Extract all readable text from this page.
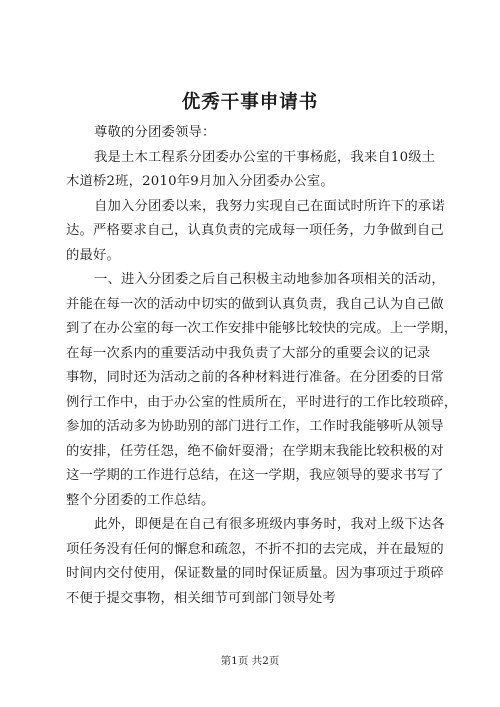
优秀干事申请书
尊敬的分团委领导：
我是土木工程系分团委办公室的干事杨彪，我来自10级土
木道桥2班，2010年9月加入分团委办公室。
自加入分团委以来，我努力实现自己在面试时所许下的承诺
达。严格要求自己，认真负责的完成每一项任务，力争做到自己
的最好。
一、进入分团委之后自己积极主动地参加各项相关的活动，
并能在每一次的活动中切实的做到认真负责，我自己认为自己做
到了在办公室的每一次工作安排中能够比较快的完成。上一学期，
在每一次系内的重要活动中我负责了大部分的重要会议的记录
事物，同时还为活动之前的各种材料进行准备。在分团委的日常
例行工作中，由于办公室的性质所在，平时进行的工作比较琐碎，
参加的活动多为协助别的部门进行工作，工作时我能够听从领导
的安排，任劳任怨，绝不偷奸耍滑；在学期末我能比较积极的对
这一学期的工作进行总结，在这一学期，我应领导的要求书写了
整个分团委的工作总结。
此外，即便是在自己有很多班级内事务时，我对上级下达各
项任务没有任何的懈怠和疏忽，不折不扣的去完成，并在最短的
时间内交付使用，保证数量的同时保证质量。因为事项过于琐碎
不便于提交事物，相关细节可到部门领导处考
第1页 共2页
